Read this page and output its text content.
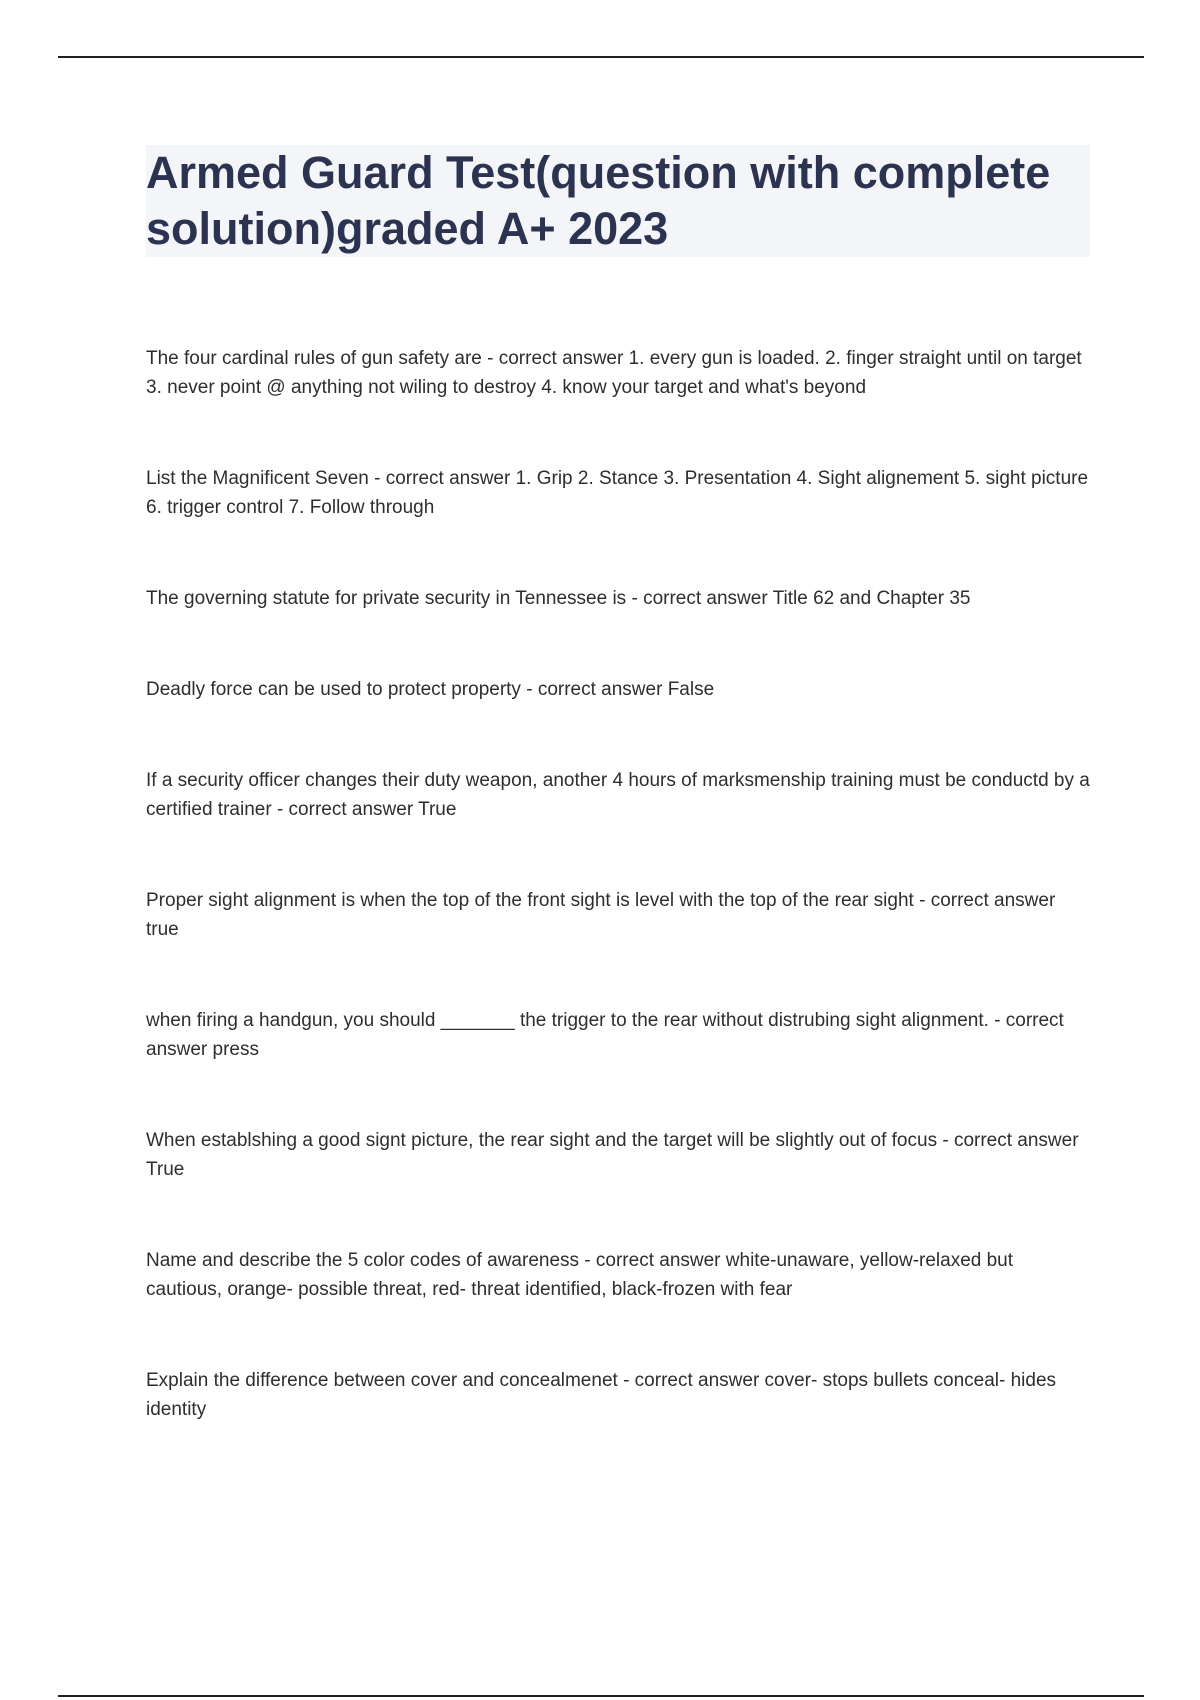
Armed Guard Test(question with complete solution)graded A+ 2023
The four cardinal rules of gun safety are - correct answer 1. every gun is loaded. 2. finger straight until on target 3. never point @ anything not wiling to destroy 4. know your target and what's beyond
List the Magnificent Seven - correct answer 1. Grip 2. Stance 3. Presentation 4. Sight alignement 5. sight picture 6. trigger control 7. Follow through
The governing statute for private security in Tennessee is - correct answer Title 62 and Chapter 35
Deadly force can be used to protect property - correct answer False
If a security officer changes their duty weapon, another 4 hours of marksmenship training must be conductd by a certified trainer - correct answer True
Proper sight alignment is when the top of the front sight is level with the top of the rear sight - correct answer true
when firing a handgun, you should _______ the trigger to the rear without distrubing sight alignment. - correct answer press
When establshing a good signt picture, the rear sight and the target will be slightly out of focus - correct answer True
Name and describe the 5 color codes of awareness - correct answer white-unaware, yellow-relaxed but cautious, orange- possible threat, red- threat identified, black-frozen with fear
Explain the difference between cover and concealmenet - correct answer cover- stops bullets conceal- hides identity
